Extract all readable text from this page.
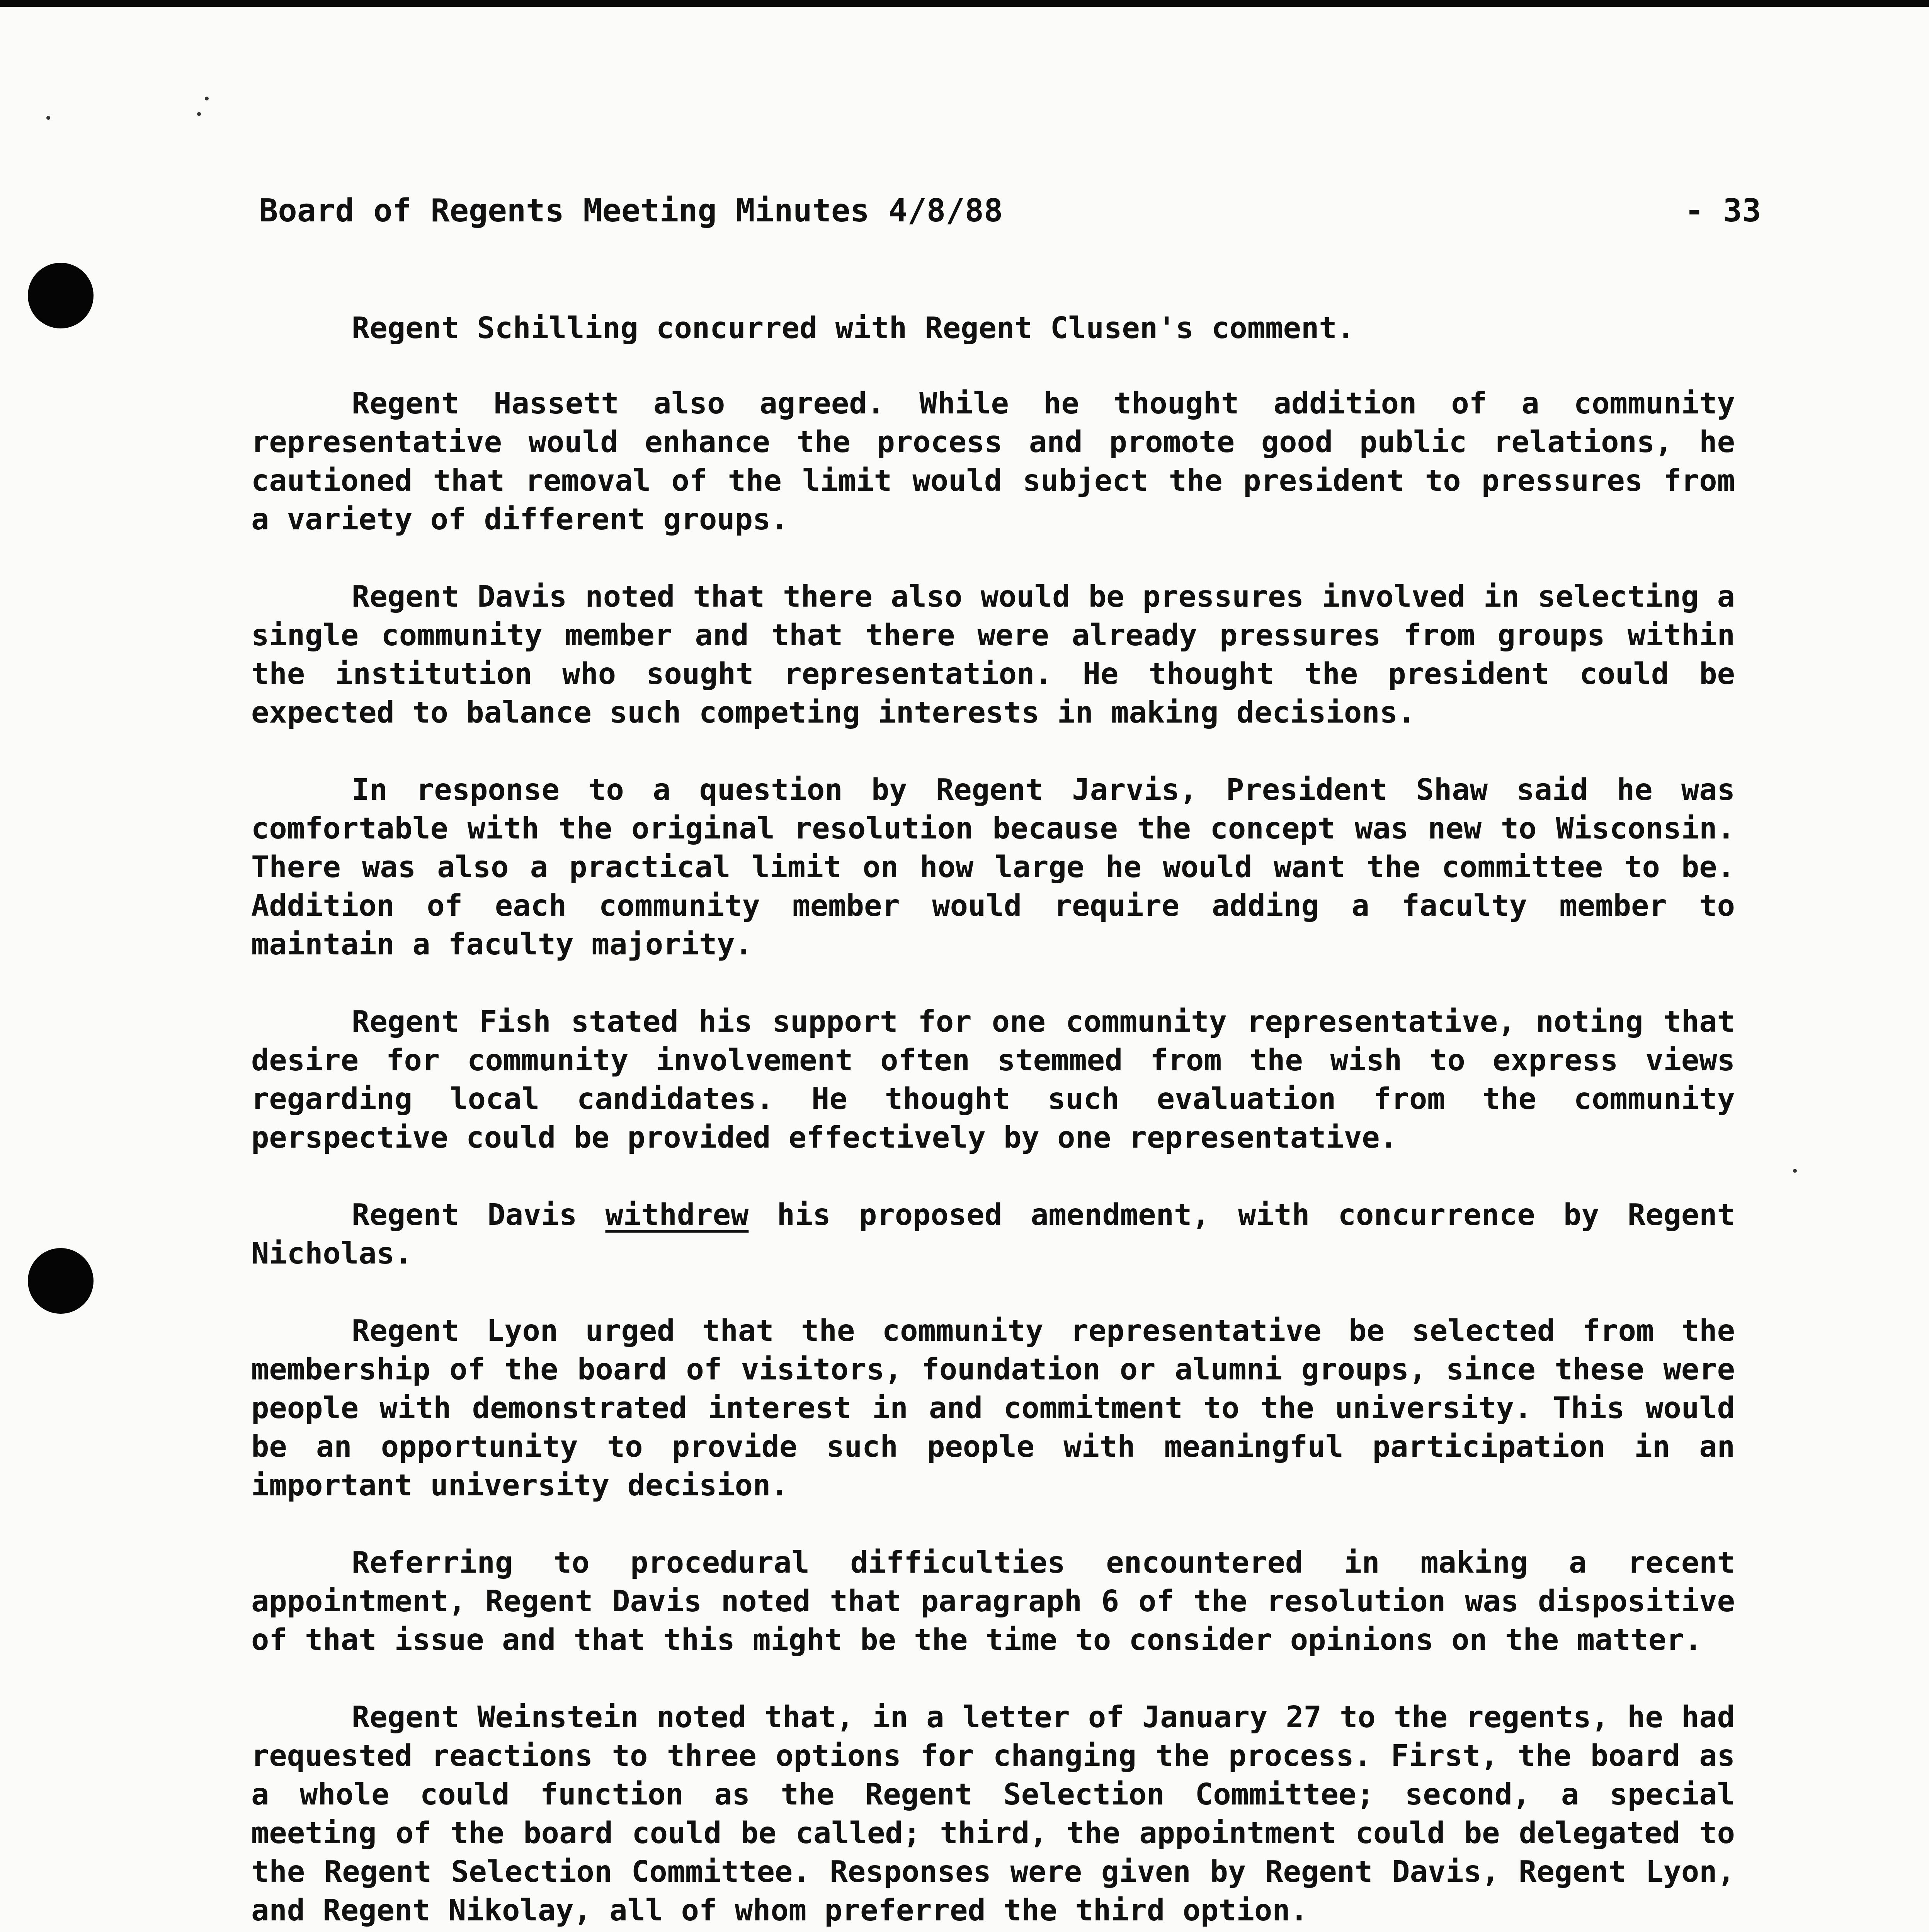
Board of Regents Meeting Minutes 4/8/88	- 33

Regent Schilling concurred with Regent Clusen's comment.

Regent Hassett also agreed. While he thought addition of a community representative would enhance the process and promote good public relations, he cautioned that removal of the limit would subject the president to pressures from a variety of different groups.

Regent Davis noted that there also would be pressures involved in selecting a single community member and that there were already pressures from groups within the institution who sought representation. He thought the president could be expected to balance such competing interests in making decisions.

In response to a question by Regent Jarvis, President Shaw said he was comfortable with the original resolution because the concept was new to Wisconsin. There was also a practical limit on how large he would want the committee to be. Addition of each community member would require adding a faculty member to maintain a faculty majority.

Regent Fish stated his support for one community representative, noting that desire for community involvement often stemmed from the wish to express views regarding local candidates. He thought such evaluation from the community perspective could be provided effectively by one representative.

Regent Davis withdrew his proposed amendment, with concurrence by Regent Nicholas.

Regent Lyon urged that the community representative be selected from the membership of the board of visitors, foundation or alumni groups, since these were people with demonstrated interest in and commitment to the university. This would be an opportunity to provide such people with meaningful participation in an important university decision.

Referring to procedural difficulties encountered in making a recent appointment, Regent Davis noted that paragraph 6 of the resolution was dispositive of that issue and that this might be the time to consider opinions on the matter.

Regent Weinstein noted that, in a letter of January 27 to the regents, he had requested reactions to three options for changing the process. First, the board as a whole could function as the Regent Selection Committee; second, a special meeting of the board could be called; third, the appointment could be delegated to the Regent Selection Committee. Responses were given by Regent Davis, Regent Lyon, and Regent Nikolay, all of whom preferred the third option.
